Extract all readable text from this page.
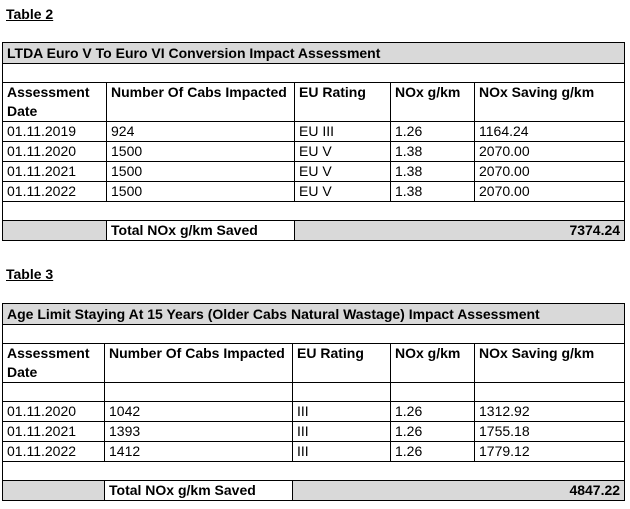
Table 2

LTDA Euro V To Euro VI Conversion Impact Assessment				

Assessment Date	Number Of Cabs Impacted	EU Rating	NOx g/km	NOx Saving g/km
01.11.2019	924	EU III	1.26	1164.24
01.11.2020	1500	EU V	1.38	2070.00
01.11.2021	1500	EU V	1.38	2070.00
01.11.2022	1500	EU V	1.38	2070.00

	Total NOx g/km Saved	7374.24		

Table 3

Age Limit Staying At 15 Years (Older Cabs Natural Wastage) Impact Assessment				

Assessment Date	Number Of Cabs Impacted	EU Rating	NOx g/km	NOx Saving g/km

01.11.2020	1042	III	1.26	1312.92
01.11.2021	1393	III	1.26	1755.18
01.11.2022	1412	III	1.26	1779.12

	Total NOx g/km Saved	4847.22		
